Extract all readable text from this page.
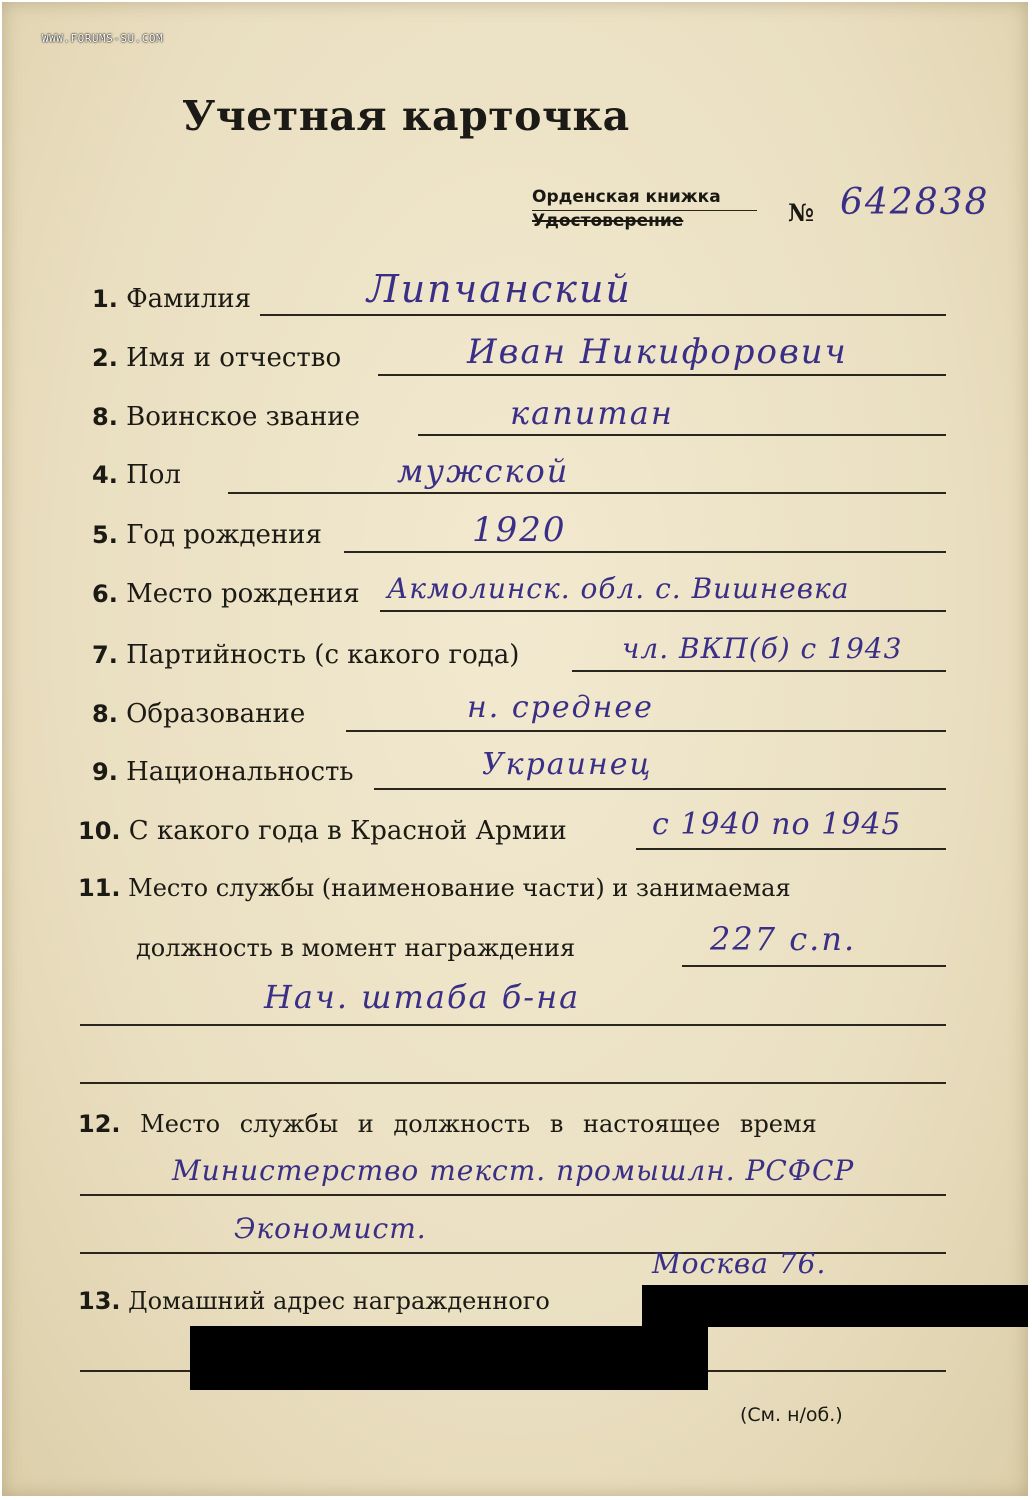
WWW.FORUMS-SU.COM
Учетная карточка
Орденская книжка
Удостоверение	№ 642838
1. Фамилия	Липчанский
2. Имя и отчество	Иван Никифорович
8. Воинское звание	капитан
4. Пол	мужской
5. Год рождения	1920
6. Место рождения Акмолинск. обл. с. Вишневка
7. Партийность (с какого года)	чл. ВКП(б) с 1943
8. Образование	н. среднее
9. Национальность	Украинец
10. С какого года в Красной Армии	с 1940 по 1945
11. Место службы (наименование части) и занимаемая
должность в момент награждения	227 с.п.
Нач. штаба б-на
12. Место службы и должность в настоящее время
Министерство текст. промышлн. РСФСР
Экономист.
Москва 76.
13. Домашний адрес награжденного
(См. н/об.)
